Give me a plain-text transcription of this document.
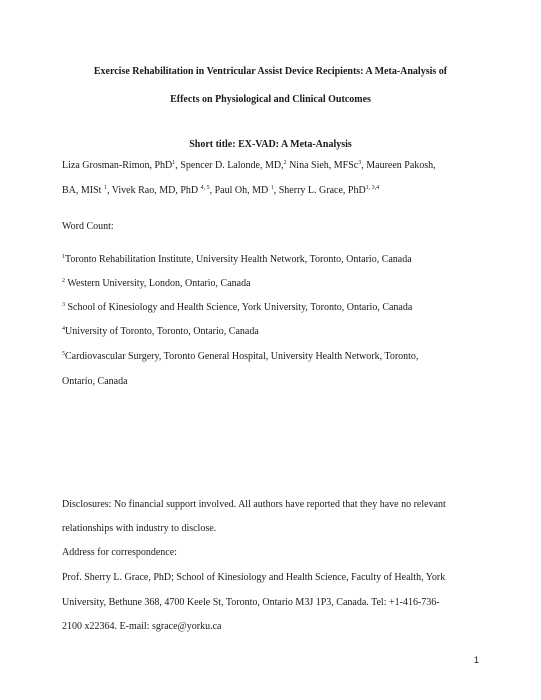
Exercise Rehabilitation in Ventricular Assist Device Recipients: A Meta-Analysis of
Effects on Physiological and Clinical Outcomes
Short title: EX-VAD: A Meta-Analysis
Liza Grosman-Rimon, PhD$^1$, Spencer D. Lalonde, MD,$^2$ Nina Sieh, MFSc$^3$, Maureen Pakosh,
BA, MISt $^1$, Vivek Rao, MD, PhD $^{4, 5}$, Paul Oh, MD $^1$, Sherry L. Grace, PhD$^{1, 3,4}$
Word Count:
$^1$Toronto Rehabilitation Institute, University Health Network, Toronto, Ontario, Canada
$^2$ Western University, London, Ontario, Canada
$^3$ School of Kinesiology and Health Science, York University, Toronto, Ontario, Canada
$^4$University of Toronto, Toronto, Ontario, Canada
$^5$Cardiovascular Surgery, Toronto General Hospital, University Health Network, Toronto,
Ontario, Canada
Disclosures: No financial support involved. All authors have reported that they have no relevant
relationships with industry to disclose.
Address for correspondence:
Prof. Sherry L. Grace, PhD; School of Kinesiology and Health Science, Faculty of Health, York
University, Bethune 368, 4700 Keele St, Toronto, Ontario M3J 1P3, Canada. Tel: +1-416-736-
2100 x22364. E-mail: sgrace@yorku.ca
1
